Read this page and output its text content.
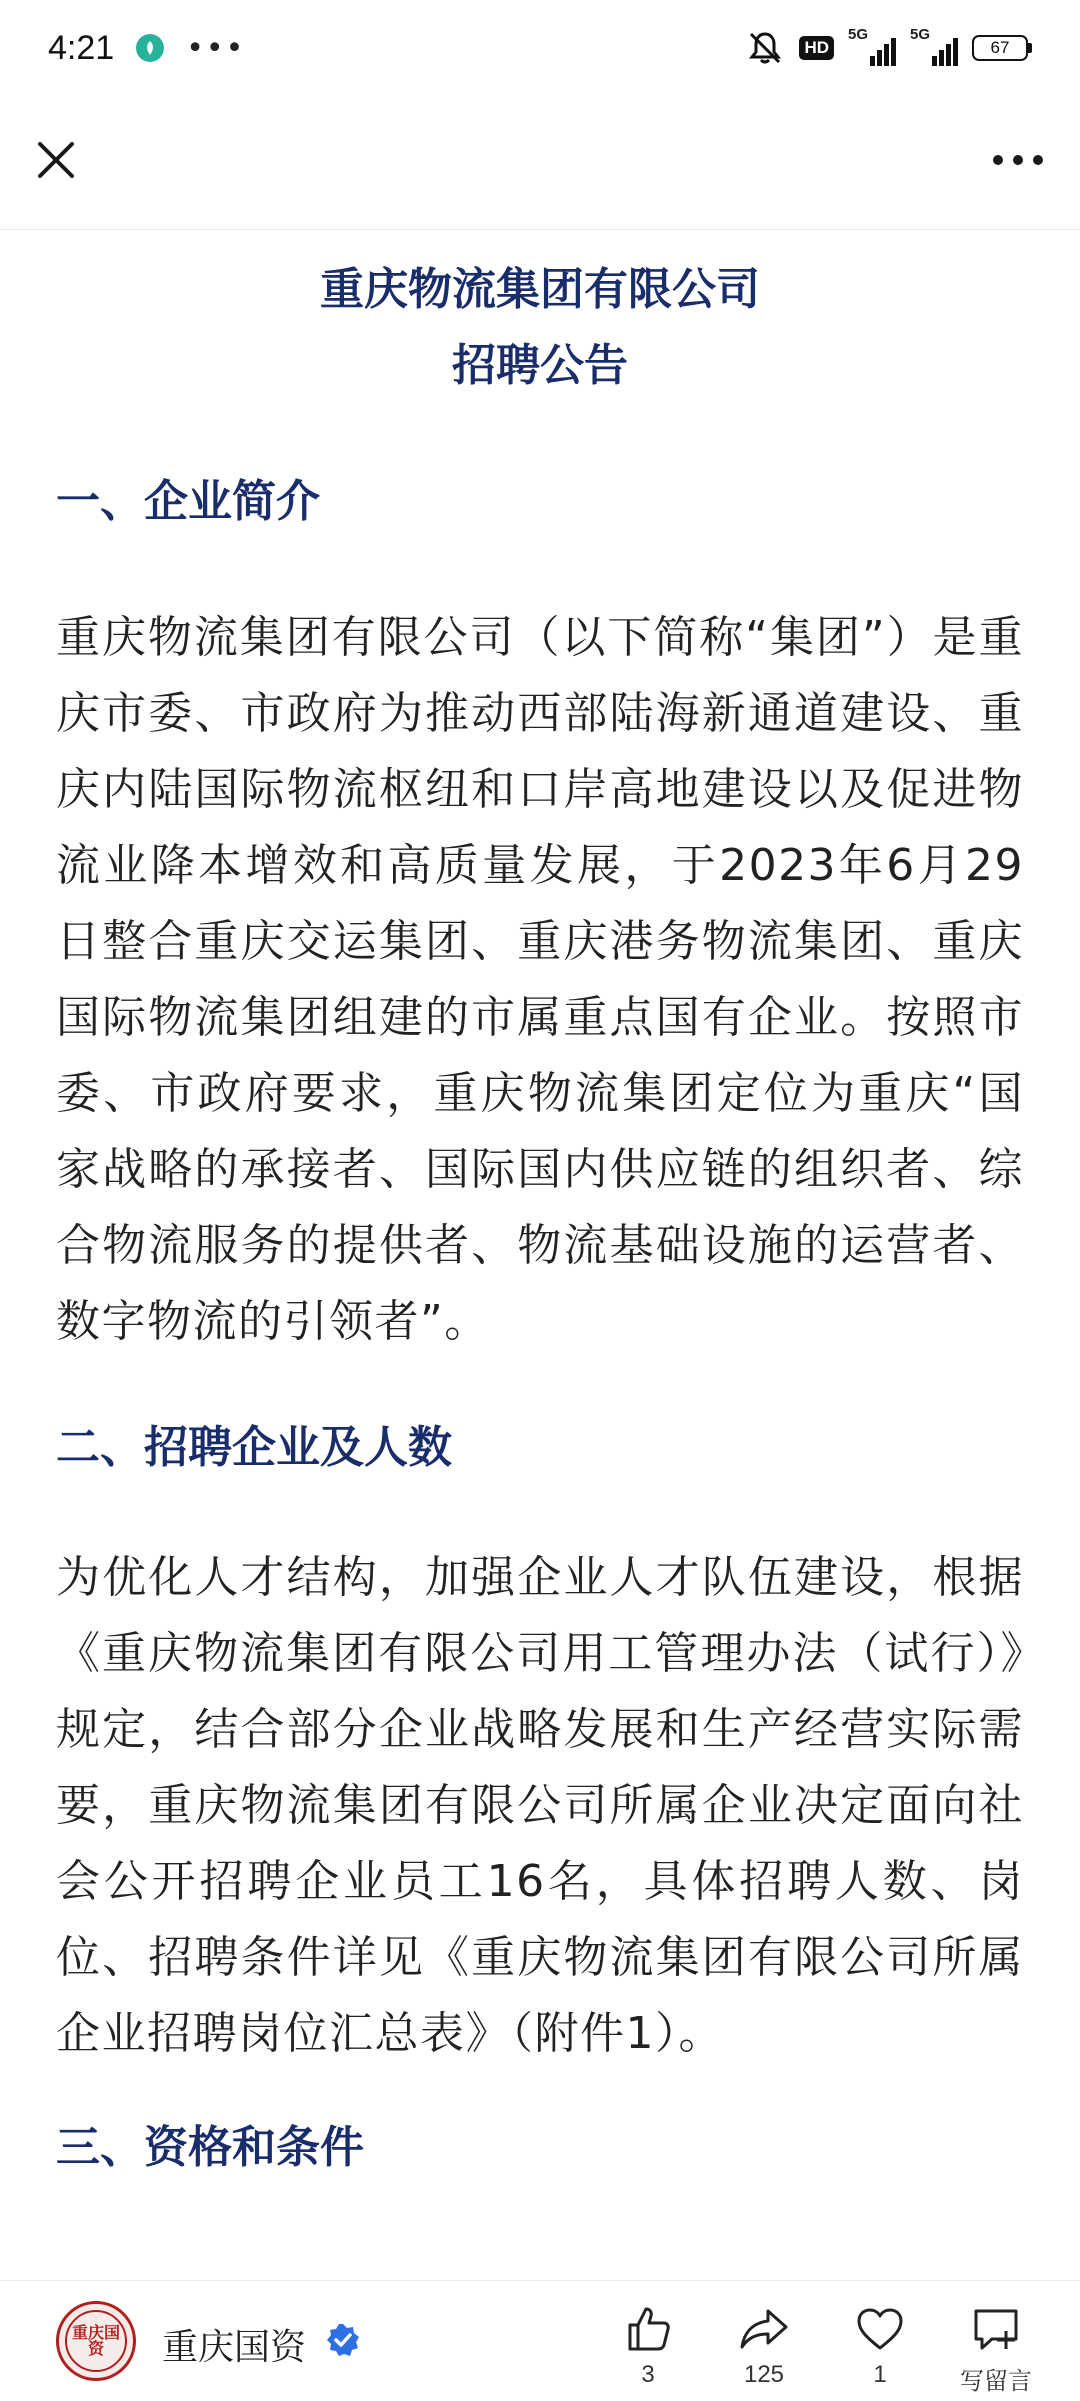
4:21 •••	HD
5G	5G
67
重庆物流集团有限公司
招聘公告
一、企业简介
重庆物流集团有限公司（以下简称“集团”）是重庆市委、市政府为推动西部陆海新通道建设、重庆内陆国际物流枢纽和口岸高地建设以及促进物流业降本增效和高质量发展，于2023年6月29日整合重庆交运集团、重庆港务物流集团、重庆国际物流集团组建的市属重点国有企业。按照市委、市政府要求，重庆物流集团定位为重庆“国家战略的承接者、国际国内供应链的组织者、综合物流服务的提供者、物流基础设施的运营者、数字物流的引领者”。
二、招聘企业及人数
为优化人才结构，加强企业人才队伍建设，根据《重庆物流集团有限公司用工管理办法（试行）》规定，结合部分企业战略发展和生产经营实际需要，重庆物流集团有限公司所属企业决定面向社会公开招聘企业员工16名，具体招聘人数、岗位、招聘条件详见《重庆物流集团有限公司所属企业招聘岗位汇总表》（附件1）。
三、资格和条件
重庆国资	重庆国资
3	125	1	写留言
